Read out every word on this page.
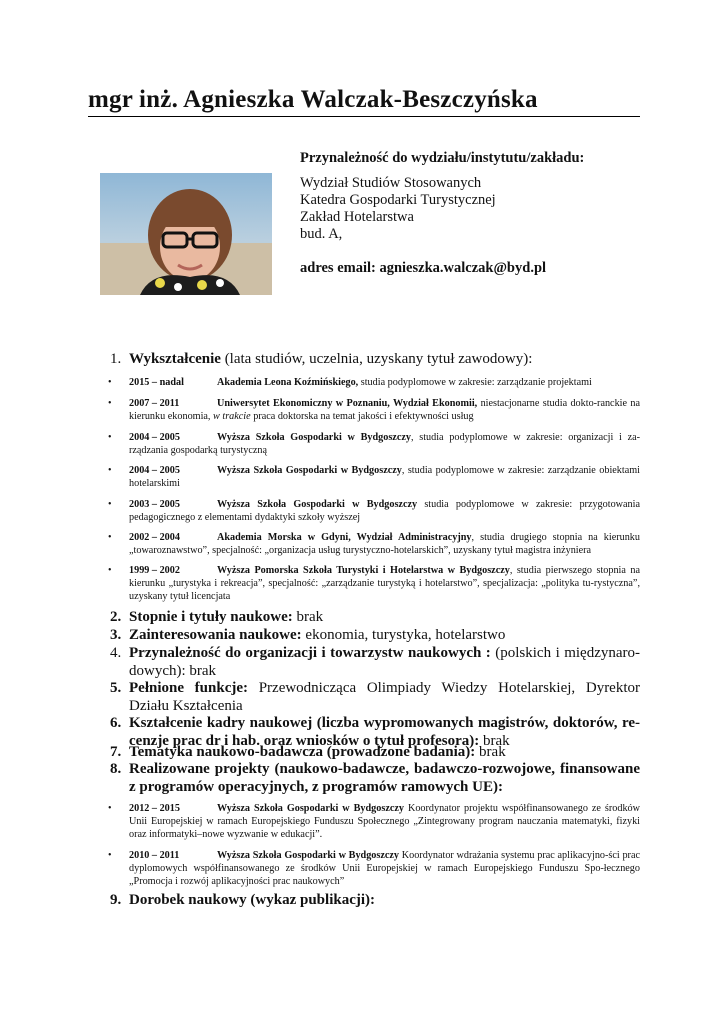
mgr inż. Agnieszka Walczak-Beszczyńska
Przynależność do wydziału/instytutu/zakładu:
Wydział Studiów Stosowanych
Katedra Gospodarki Turystycznej
Zakład Hotelarstwa
bud. A,
adres email: agnieszka.walczak@byd.pl
1. Wykształcenie (lata studiów, uczelnia, uzyskany tytuł zawodowy):
• 2015 – nadal	Akademia Leona Koźmińskiego, studia podyplomowe w zakresie: zarządzanie projektami
• 2007 – 2011	Uniwersytet Ekonomiczny w Poznaniu, Wydział Ekonomii, niestacjonarne studia dokto-ranckie na kierunku ekonomia, w trakcie praca doktorska na temat jakości i efektywności usług
• 2004 – 2005	Wyższa Szkoła Gospodarki w Bydgoszczy, studia podyplomowe w zakresie: organizacji i za-rządzania gospodarką turystyczną
• 2004 – 2005	Wyższa Szkoła Gospodarki w Bydgoszczy, studia podyplomowe w zakresie: zarządzanie obiektami hotelarskimi
• 2003 – 2005	Wyższa Szkoła Gospodarki w Bydgoszczy studia podyplomowe w zakresie: przygotowania pedagogicznego z elementami dydaktyki szkoły wyższej
• 2002 – 2004	Akademia Morska w Gdyni, Wydział Administracyjny, studia drugiego stopnia na kierunku „towaroznawstwo”, specjalność: „organizacja usług turystyczno-hotelarskich”, uzyskany tytuł magistra inżyniera
• 1999 – 2002	Wyższa Pomorska Szkoła Turystyki i Hotelarstwa w Bydgoszczy, studia pierwszego stopnia na kierunku „turystyka i rekreacja”, specjalność: „zarządzanie turystyką i hotelarstwo”, specjalizacja: „polityka tu-rystyczna”, uzyskany tytuł licencjata
2. Stopnie i tytuły naukowe: brak
3. Zainteresowania naukowe: ekonomia, turystyka, hotelarstwo
4. Przynależność do organizacji i towarzystw naukowych : (polskich i międzynaro-dowych): brak
5. Pełnione funkcje: Przewodnicząca Olimpiady Wiedzy Hotelarskiej, Dyrektor Działu Kształcenia
6. Kształcenie kadry naukowej (liczba wypromowanych magistrów, doktorów, re-cenzje prac dr i hab. oraz wniosków o tytuł profesora): brak
7. Tematyka naukowo-badawcza (prowadzone badania): brak
8. Realizowane projekty (naukowo-badawcze, badawczo-rozwojowe, finansowane z programów operacyjnych, z programów ramowych UE):
• 2012 – 2015	Wyższa Szkoła Gospodarki w Bydgoszczy Koordynator projektu współfinansowanego ze środków Unii Europejskiej w ramach Europejskiego Funduszu Społecznego „Zintegrowany program nauczania matematyki, fizyki oraz informatyki–nowe wyzwanie w edukacji”.
• 2010 – 2011	Wyższa Szkoła Gospodarki w Bydgoszczy Koordynator wdrażania systemu prac aplikacyjno-ści prac dyplomowych współfinansowanego ze środków Unii Europejskiej w ramach Europejskiego Funduszu Spo-łecznego „Promocja i rozwój aplikacyjności prac naukowych”
9. Dorobek naukowy (wykaz publikacji):
